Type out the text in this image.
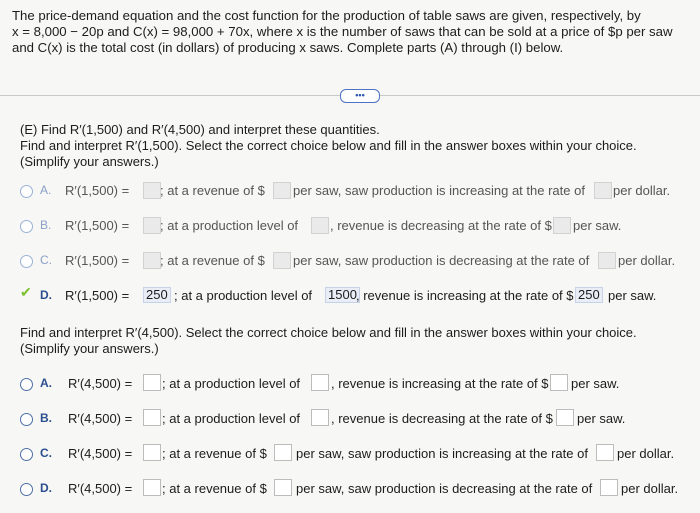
The price-demand equation and the cost function for the production of table saws are given, respectively, by
x = 8,000 − 20p and C(x) = 98,000 + 70x, where x is the number of saws that can be sold at a price of $p per saw
and C(x) is the total cost (in dollars) of producing x saws. Complete parts (A) through (I) below.
•••
(E) Find R′(1,500) and R′(4,500) and interpret these quantities.
Find and interpret R′(1,500). Select the correct choice below and fill in the answer boxes within your choice.
(Simplify your answers.)
A. R′(1,500) = ; at a revenue of $ per saw, saw production is increasing at the rate of per dollar.
B. R′(1,500) = ; at a production level of , revenue is decreasing at the rate of $ per saw.
C. R′(1,500) = ; at a revenue of $ per saw, saw production is decreasing at the rate of per dollar.
✔ D. R′(1,500) = 250 ; at a production level of 1500 , revenue is increasing at the rate of $ 250 per saw.
Find and interpret R′(4,500). Select the correct choice below and fill in the answer boxes within your choice.
(Simplify your answers.)
A. R′(4,500) = ; at a production level of , revenue is increasing at the rate of $ per saw.
B. R′(4,500) = ; at a production level of , revenue is decreasing at the rate of $ per saw.
C. R′(4,500) = ; at a revenue of $ per saw, saw production is increasing at the rate of per dollar.
D. R′(4,500) = ; at a revenue of $ per saw, saw production is decreasing at the rate of per dollar.
